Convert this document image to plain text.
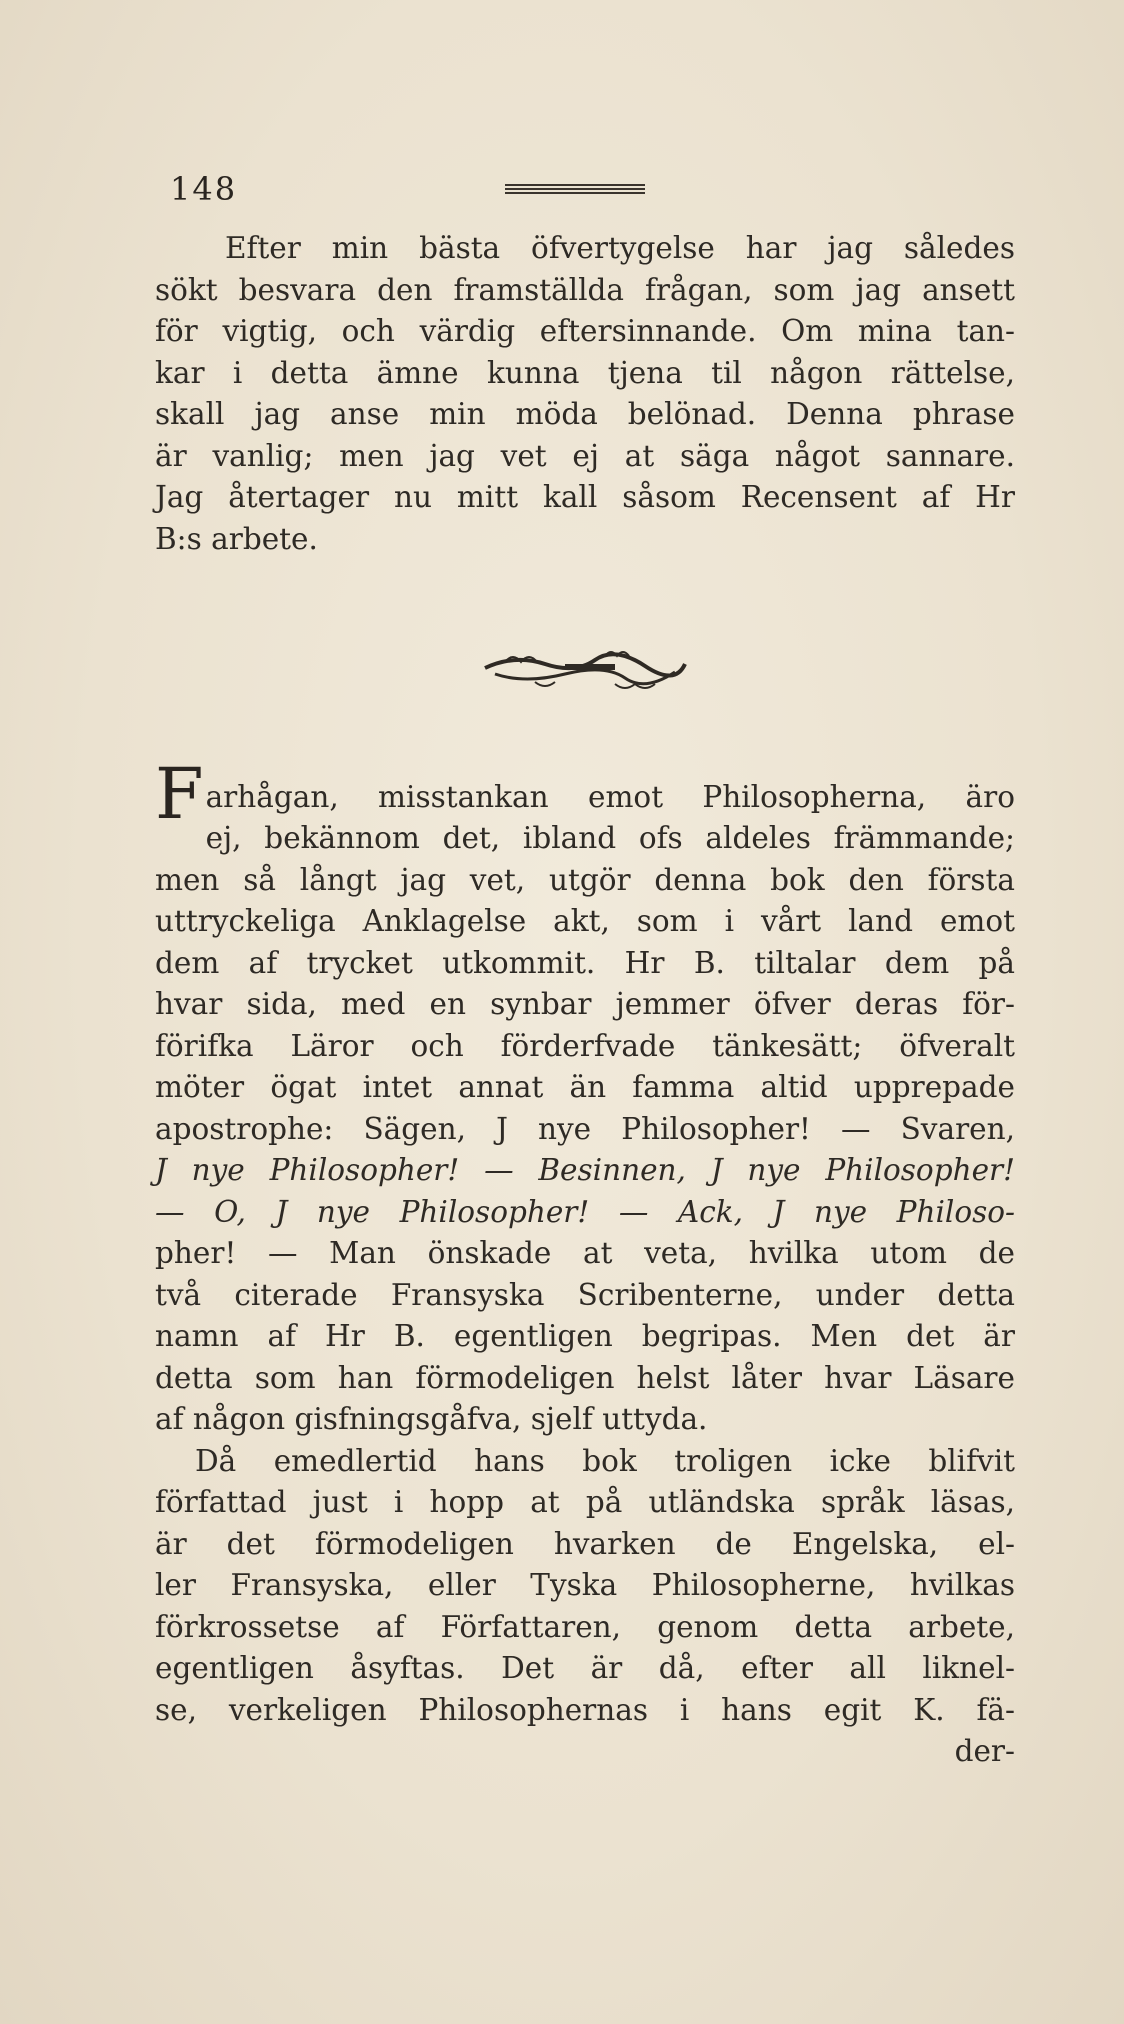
148
Efter min bästa öfvertygelse har jag således
sökt besvara den framställda frågan, som jag ansett
för vigtig, och värdig eftersinnande. Om mina tan-
kar i detta ämne kunna tjena til någon rättelse,
skall jag anse min möda belönad. Denna phrase
är vanlig; men jag vet ej at säga något sannare.
Jag återtager nu mitt kall såsom Recensent af Hr
B:s arbete.
Farhågan, misstankan emot Philosopherna, äro
ej, bekännom det, ibland ofs aldeles främmande;
men så långt jag vet, utgör denna bok den första
uttryckeliga Anklagelse akt, som i vårt land emot
dem af trycket utkommit. Hr B. tiltalar dem på
hvar sida, med en synbar jemmer öfver deras för-
förifka Läror och förderfvade tänkesätt; öfveralt
möter ögat intet annat än famma altid upprepade
apostrophe: Sägen, J nye Philosopher! — Svaren,
J nye Philosopher! — Besinnen, J nye Philosopher!
— O, J nye Philosopher! — Ack, J nye Philoso-
pher! — Man önskade at veta, hvilka utom de
två citerade Fransyska Scribenterne, under detta
namn af Hr B. egentligen begripas. Men det är
detta som han förmodeligen helst låter hvar Läsare
af någon gisfningsgåfva, sjelf uttyda.
Då emedlertid hans bok troligen icke blifvit
författad just i hopp at på utländska språk läsas,
är det förmodeligen hvarken de Engelska, el-
ler Fransyska, eller Tyska Philosopherne, hvilkas
förkrossetse af Författaren, genom detta arbete,
egentligen åsyftas. Det är då, efter all liknel-
se, verkeligen Philosophernas i hans egit K. fä-
der-
